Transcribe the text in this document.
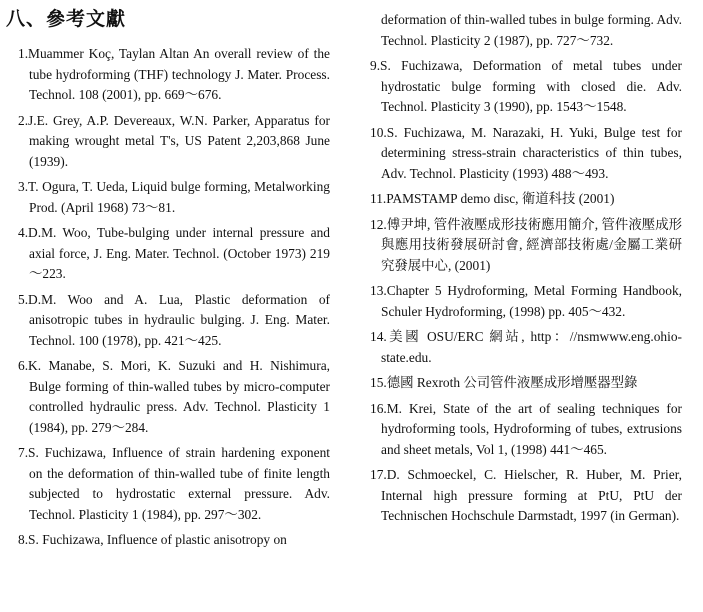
八、參考文獻

1.Muammer Koç, Taylan Altan An overall review of the tube hydroforming (THF) technology J. Mater. Process. Technol. 108 (2001), pp. 669～676.

2.J.E. Grey, A.P. Devereaux, W.N. Parker, Apparatus for making wrought metal T's, US Patent 2,203,868 June (1939).

3.T. Ogura, T. Ueda, Liquid bulge forming, Metalworking Prod. (April 1968) 73～81.

4.D.M. Woo, Tube-bulging under internal pressure and axial force, J. Eng. Mater. Technol. (October 1973) 219～223.

5.D.M. Woo and A. Lua, Plastic deformation of anisotropic tubes in hydraulic bulging. J. Eng. Mater. Technol. 100 (1978), pp. 421～425.

6.K. Manabe, S. Mori, K. Suzuki and H. Nishimura, Bulge forming of thin-walled tubes by micro-computer controlled hydraulic press. Adv. Technol. Plasticity 1 (1984), pp. 279～284.

7.S. Fuchizawa, Influence of strain hardening exponent on the deformation of thin-walled tube of finite length subjected to hydrostatic external pressure. Adv. Technol. Plasticity 1 (1984), pp. 297～302.

8.S. Fuchizawa, Influence of plastic anisotropy on

deformation of thin-walled tubes in bulge forming. Adv. Technol. Plasticity 2 (1987), pp. 727～732.

9.S. Fuchizawa, Deformation of metal tubes under hydrostatic bulge forming with closed die. Adv. Technol. Plasticity 3 (1990), pp. 1543～1548.

10.S. Fuchizawa, M. Narazaki, H. Yuki, Bulge test for determining stress-strain characteristics of thin tubes, Adv. Technol. Plasticity (1993) 488～493.

11.PAMSTAMP demo disc, 衛道科技 (2001)

12.傅尹坤, 管件液壓成形技術應用簡介, 管件液壓成形與應用技術發展研討會, 經濟部技術處/金屬工業研究發展中心, (2001)

13.Chapter 5 Hydroforming, Metal Forming Handbook, Schuler Hydroforming, (1998) pp. 405～432.

14.美國 OSU/ERC 網站, http：//nsmwww.eng.ohio-state.edu.

15.德國 Rexroth 公司管件液壓成形增壓器型錄

16.M. Krei, State of the art of sealing techniques for hydroforming tools, Hydroforming of tubes, extrusions and sheet metals, Vol 1, (1998) 441～465.

17.D. Schmoeckel, C. Hielscher, R. Huber, M. Prier, Internal high pressure forming at PtU, PtU der Technischen Hochschule Darmstadt, 1997 (in German).
